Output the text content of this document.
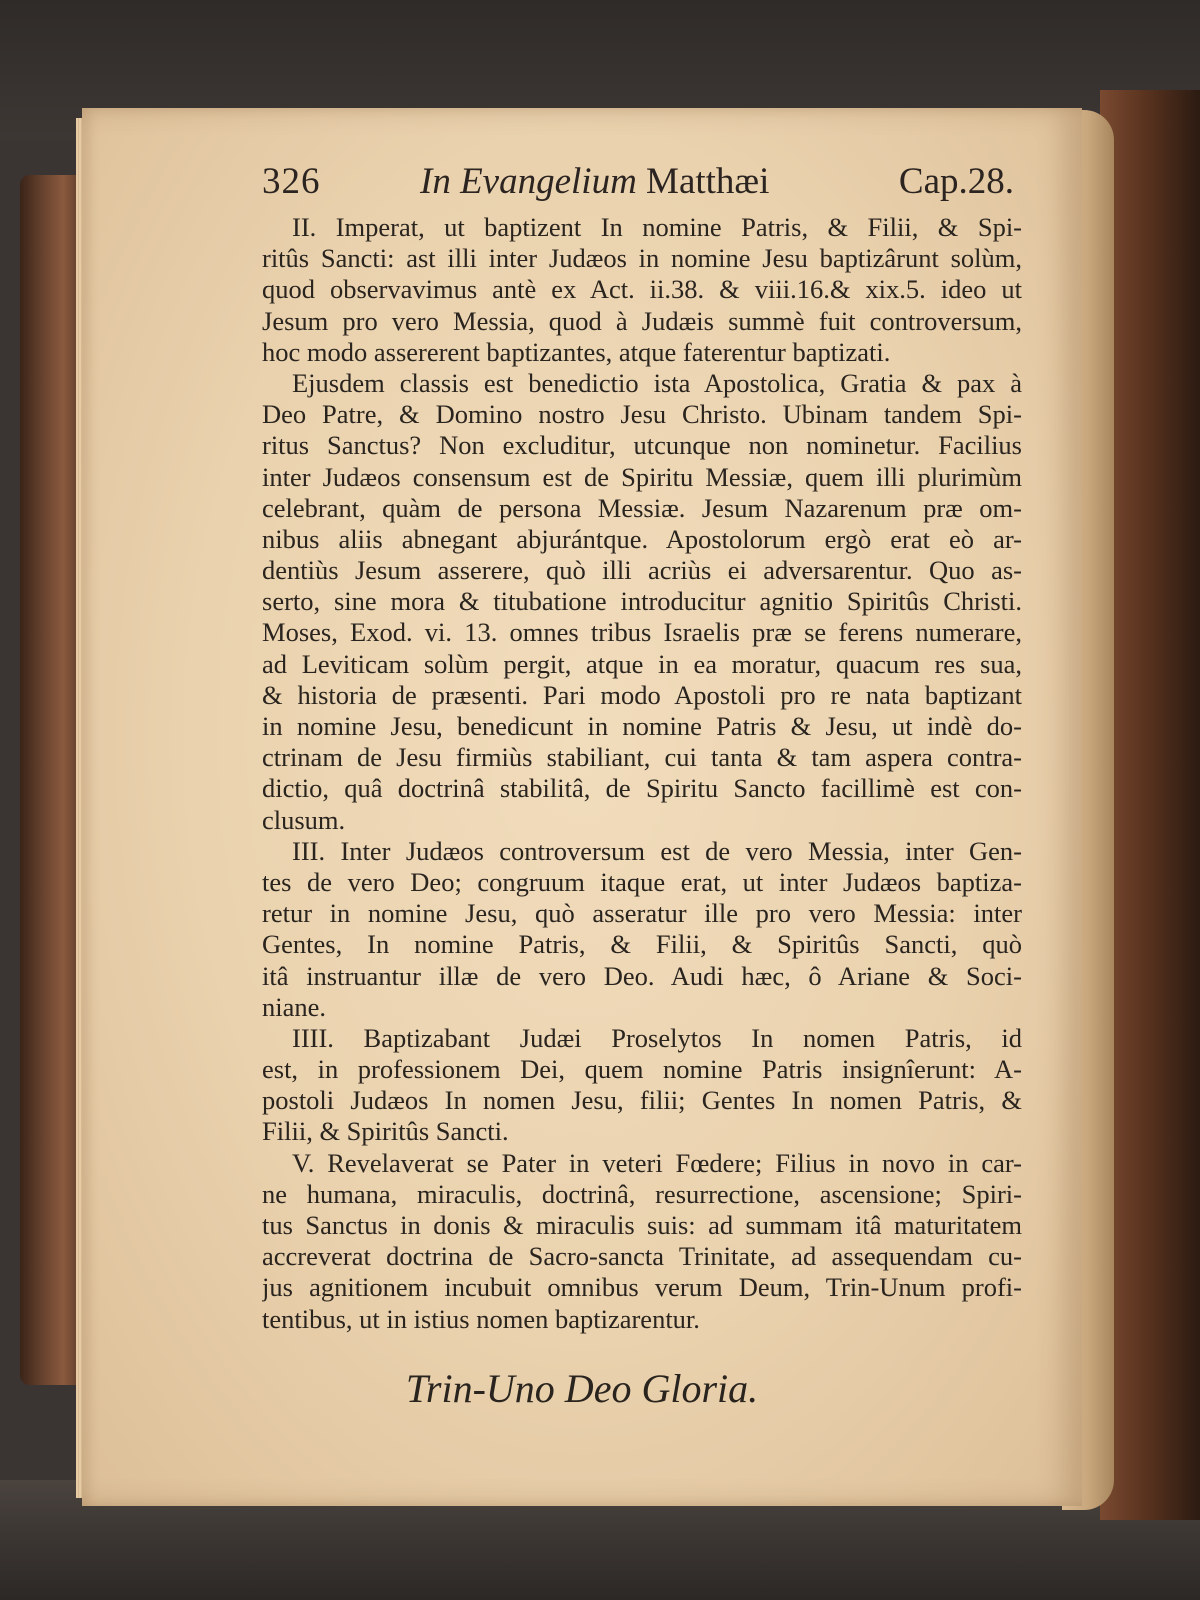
326	In Evangelium Matthæi	Cap.28.
II. Imperat, ut baptizent In nomine Patris, & Filii, & Spi-
ritûs Sancti: ast illi inter Judæos in nomine Jesu baptizârunt solùm,
quod observavimus antè ex Act. ii.38. & viii.16.& xix.5. ideo ut
Jesum pro vero Messia, quod à Judæis summè fuit controversum,
hoc modo assererent baptizantes, atque faterentur baptizati.
Ejusdem classis est benedictio ista Apostolica, Gratia & pax à
Deo Patre, & Domino nostro Jesu Christo. Ubinam tandem Spi-
ritus Sanctus? Non excluditur, utcunque non nominetur. Facilius
inter Judæos consensum est de Spiritu Messiæ, quem illi plurimùm
celebrant, quàm de persona Messiæ. Jesum Nazarenum præ om-
nibus aliis abnegant abjurántque. Apostolorum ergò erat eò ar-
dentiùs Jesum asserere, quò illi acriùs ei adversarentur. Quo as-
serto, sine mora & titubatione introducitur agnitio Spiritûs Christi.
Moses, Exod. vi. 13. omnes tribus Israelis præ se ferens numerare,
ad Leviticam solùm pergit, atque in ea moratur, quacum res sua,
& historia de præsenti. Pari modo Apostoli pro re nata baptizant
in nomine Jesu, benedicunt in nomine Patris & Jesu, ut indè do-
ctrinam de Jesu firmiùs stabiliant, cui tanta & tam aspera contra-
dictio, quâ doctrinâ stabilitâ, de Spiritu Sancto facillimè est con-
clusum.
III. Inter Judæos controversum est de vero Messia, inter Gen-
tes de vero Deo; congruum itaque erat, ut inter Judæos baptiza-
retur in nomine Jesu, quò asseratur ille pro vero Messia: inter
Gentes, In nomine Patris, & Filii, & Spiritûs Sancti, quò
itâ instruantur illæ de vero Deo. Audi hæc, ô Ariane & Soci-
niane.
IIII. Baptizabant Judæi Proselytos In nomen Patris, id
est, in professionem Dei, quem nomine Patris insignîerunt: A-
postoli Judæos In nomen Jesu, filii; Gentes In nomen Patris, &
Filii, & Spiritûs Sancti.
V. Revelaverat se Pater in veteri Fœdere; Filius in novo in car-
ne humana, miraculis, doctrinâ, resurrectione, ascensione; Spiri-
tus Sanctus in donis & miraculis suis: ad summam itâ maturitatem
accreverat doctrina de Sacro-sancta Trinitate, ad assequendam cu-
jus agnitionem incubuit omnibus verum Deum, Trin-Unum profi-
tentibus, ut in istius nomen baptizarentur.
Trin-Uno Deo Gloria.
